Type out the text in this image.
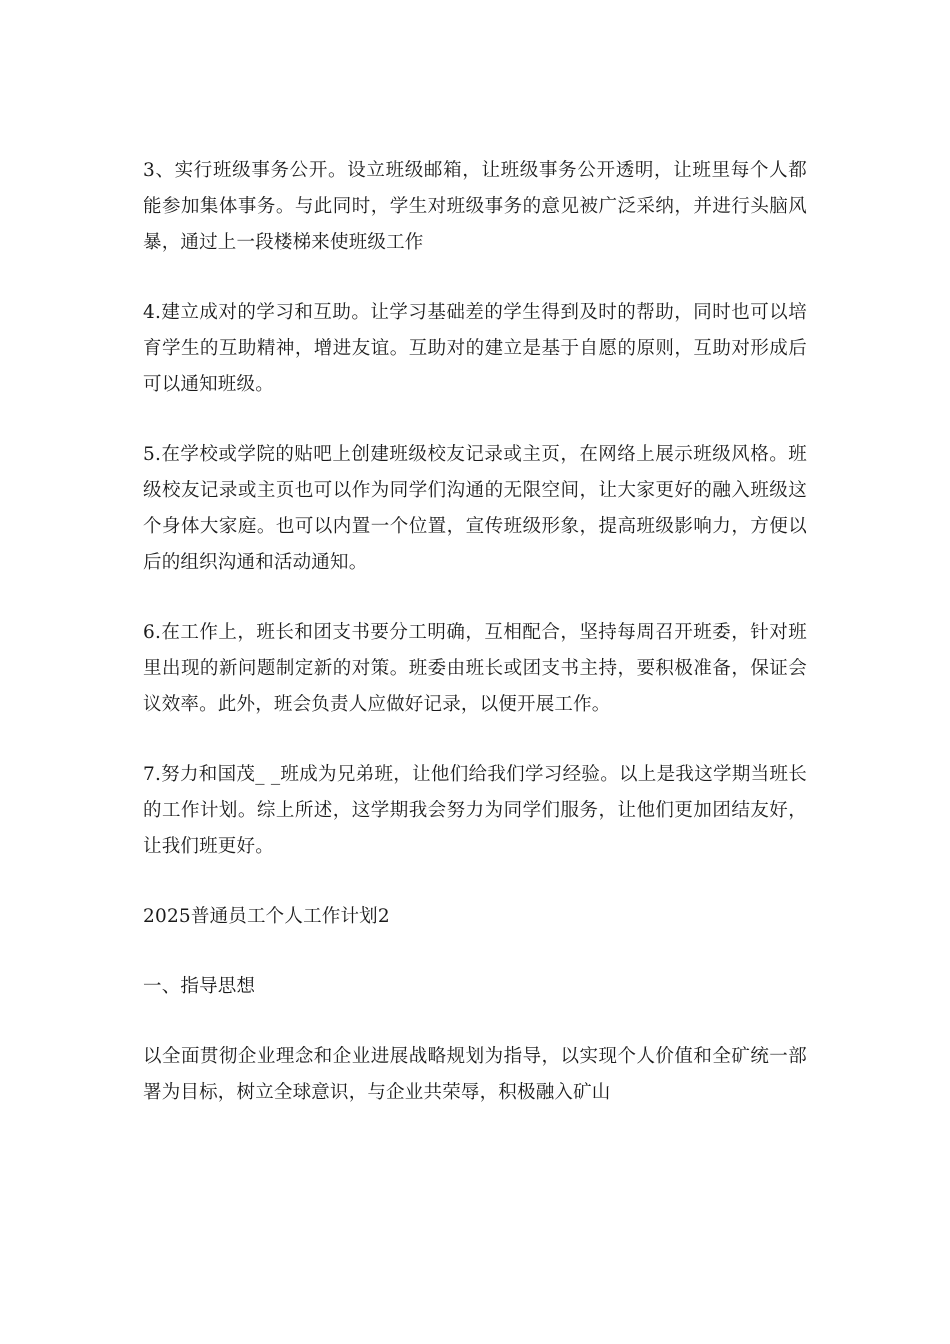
3、实行班级事务公开。设立班级邮箱，让班级事务公开透明，让班里每个人都能参加集体事务。与此同时，学生对班级事务的意见被广泛采纳，并进行头脑风暴，通过上一段楼梯来使班级工作

4.建立成对的学习和互助。让学习基础差的学生得到及时的帮助，同时也可以培育学生的互助精神，增进友谊。互助对的建立是基于自愿的原则，互助对形成后可以通知班级。

5.在学校或学院的贴吧上创建班级校友记录或主页，在网络上展示班级风格。班级校友记录或主页也可以作为同学们沟通的无限空间，让大家更好的融入班级这个身体大家庭。也可以内置一个位置，宣传班级形象，提高班级影响力，方便以后的组织沟通和活动通知。

6.在工作上，班长和团支书要分工明确，互相配合，坚持每周召开班委，针对班里出现的新问题制定新的对策。班委由班长或团支书主持，要积极准备，保证会议效率。此外，班会负责人应做好记录，以便开展工作。

7.努力和国茂_ _班成为兄弟班，让他们给我们学习经验。以上是我这学期当班长的工作计划。综上所述，这学期我会努力为同学们服务，让他们更加团结友好，让我们班更好。

2025普通员工个人工作计划2

一、指导思想

以全面贯彻企业理念和企业进展战略规划为指导，以实现个人价值和全矿统一部署为目标，树立全球意识，与企业共荣辱，积极融入矿山
